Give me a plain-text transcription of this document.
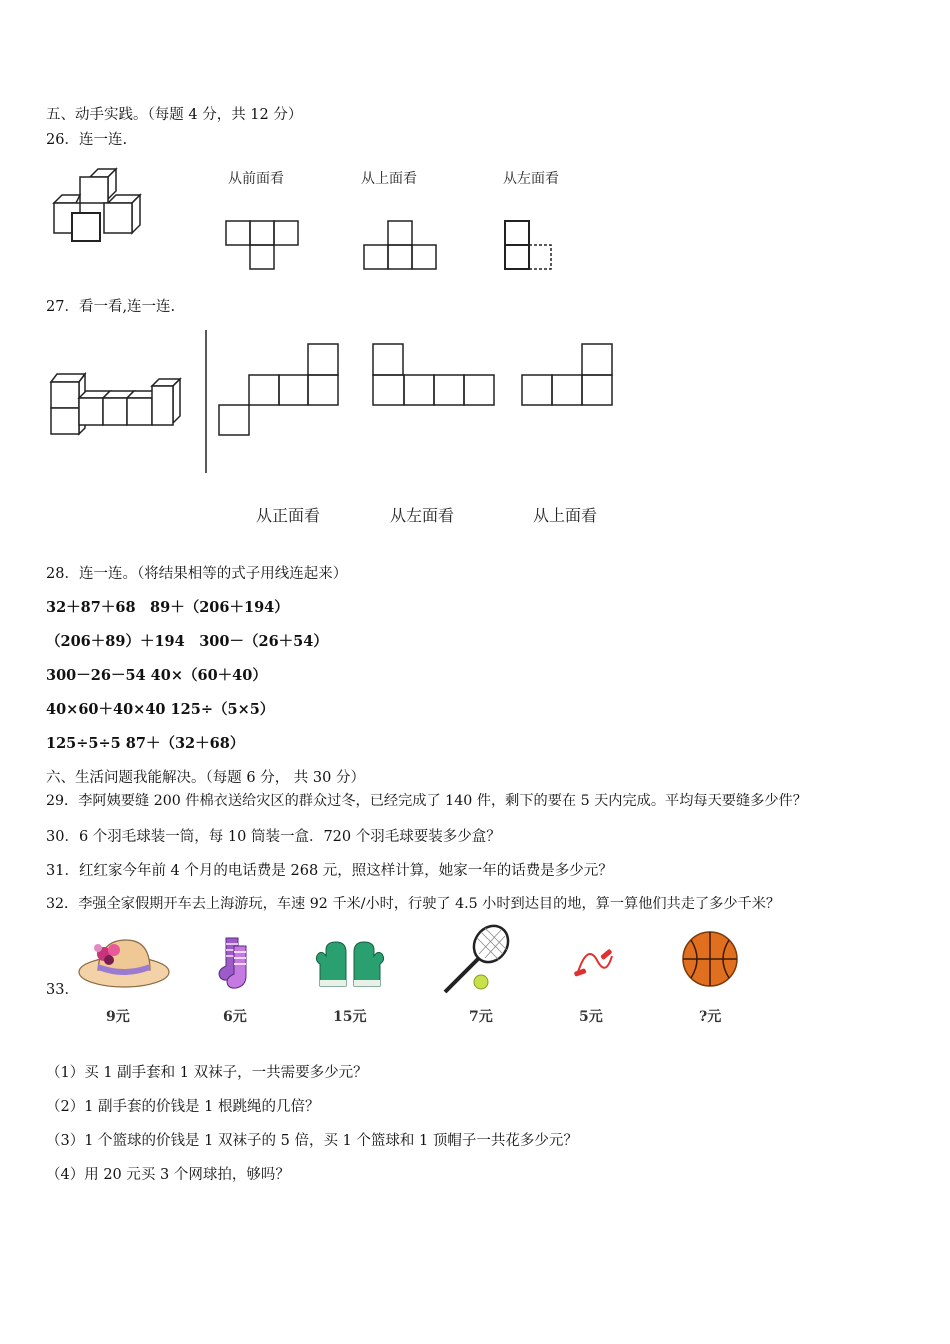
五、动手实践。（每题 4 分，共 12 分）
26．连一连.
从前面看	从上面看	从左面看
27．看一看,连一连.
从正面看	从左面看	从上面看
28．连一连。（将结果相等的式子用线连起来）
32＋87＋68　89＋（206＋194）
（206＋89）＋194　300－（26＋54）
300－26－54 40×（60＋40）
40×60＋40×40 125÷（5×5）
125÷5÷5 87＋（32＋68）
六、生活问题我能解决。（每题 6 分， 共 30 分）
29．李阿姨要缝 200 件棉衣送给灾区的群众过冬，已经完成了 140 件，剩下的要在 5 天内完成。平均每天要缝多少件？
30．6 个羽毛球装一筒，每 10 筒装一盒．720 个羽毛球要装多少盒？
31．红红家今年前 4 个月的电话费是 268 元，照这样计算，她家一年的话费是多少元？
32．李强全家假期开车去上海游玩，车速 92 千米/小时，行驶了 4.5 小时到达目的地，算一算他们共走了多少千米？
33．
9元	6元	15元	7元	5元	?元
（1）买 1 副手套和 1 双袜子，一共需要多少元？
（2）1 副手套的价钱是 1 根跳绳的几倍？
（3）1 个篮球的价钱是 1 双袜子的 5 倍，买 1 个篮球和 1 顶帽子一共花多少元？
（4）用 20 元买 3 个网球拍，够吗？
